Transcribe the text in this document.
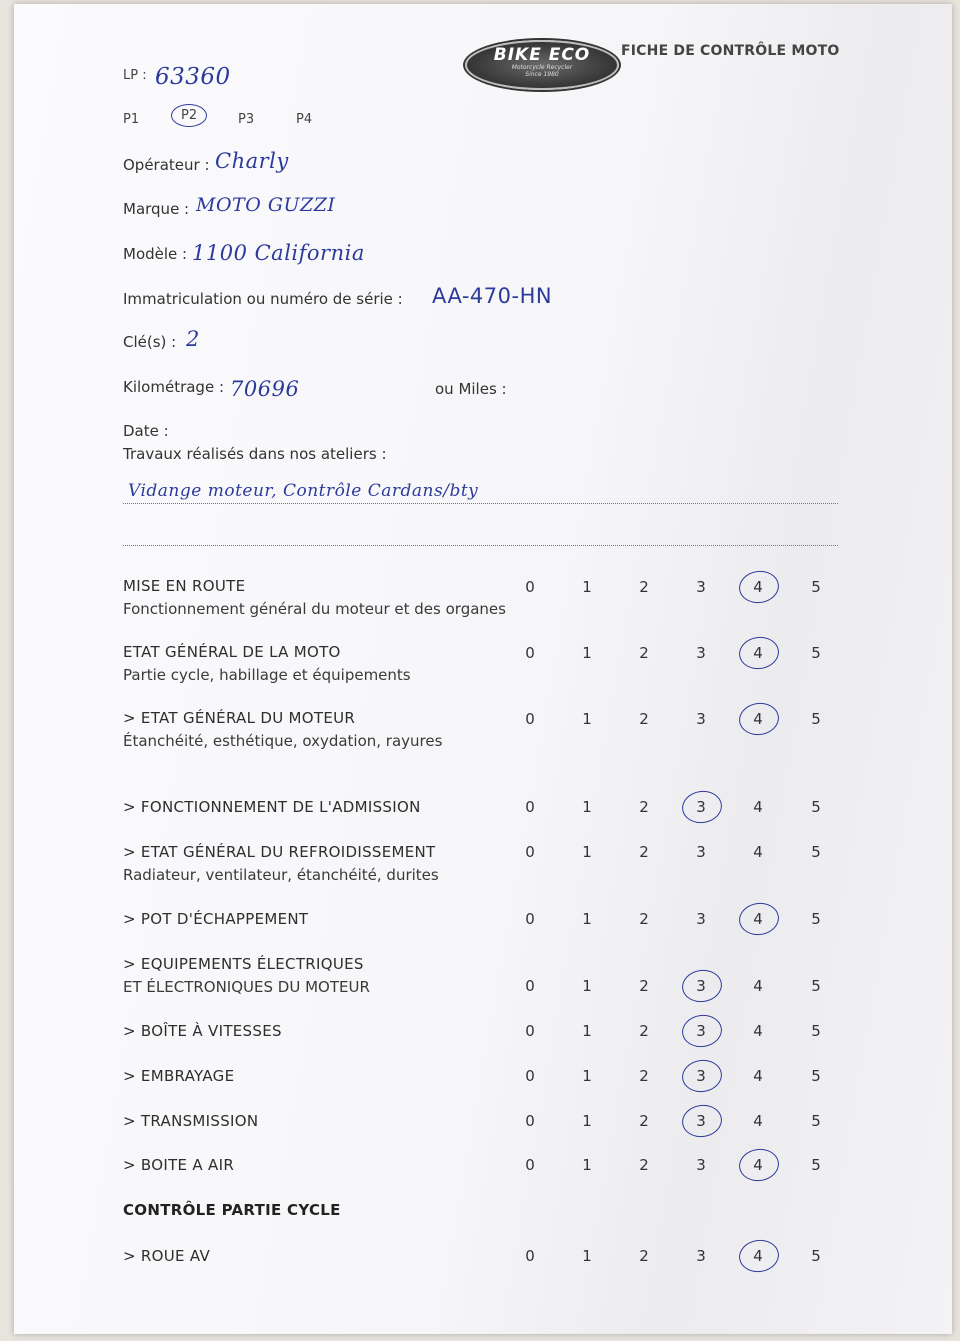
BIKE ECO
Motorcycle Recycler
Since 1980
FICHE DE CONTRÔLE MOTO
LP : 63360
P1	P2	P3	P4
Opérateur : Charly
Marque : MOTO GUZZI
Modèle : 1100 California
Immatriculation ou numéro de série : AA-470-HN
Clé(s) : 2
Kilométrage : 70696	ou Miles :
Date :
Travaux réalisés dans nos ateliers :
Vidange moteur, Contrôle Cardans/bty
MISE EN ROUTE
Fonctionnement général du moteur et des organes
0	1	2	3	4	5
ETAT GÉNÉRAL DE LA MOTO
Partie cycle, habillage et équipements
0	1	2	3	4	5
> ETAT GÉNÉRAL DU MOTEUR
Étanchéité, esthétique, oxydation, rayures
0	1	2	3	4	5
> FONCTIONNEMENT DE L'ADMISSION	0	1	2	3	4	5
> ETAT GÉNÉRAL DU REFROIDISSEMENT
Radiateur, ventilateur, étanchéité, durites
0	1	2	3	4	5
> POT D'ÉCHAPPEMENT	0	1	2	3	4	5
> EQUIPEMENTS ÉLECTRIQUES
ET ÉLECTRONIQUES DU MOTEUR	0	1	2	3	4	5
> BOÎTE À VITESSES	0	1	2	3	4	5
> EMBRAYAGE	0	1	2	3	4	5
> TRANSMISSION	0	1	2	3	4	5
> BOITE A AIR	0	1	2	3	4	5
> ROUE AV	0	1	2	3	4	5
CONTRÔLE PARTIE CYCLE
